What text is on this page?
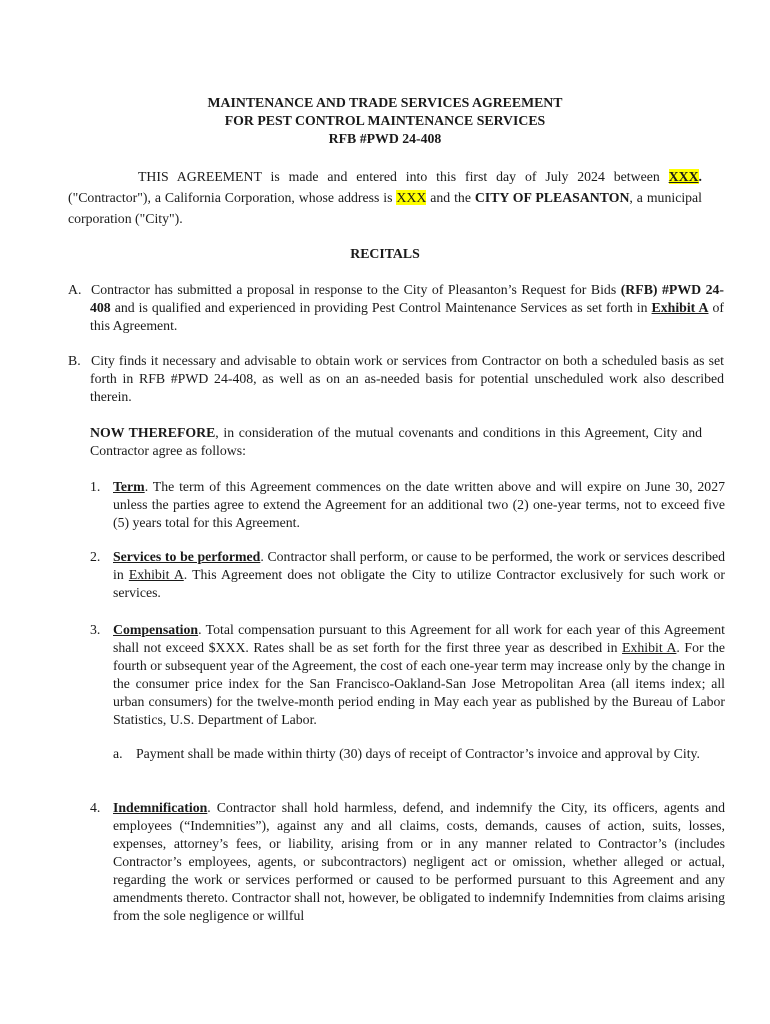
MAINTENANCE AND TRADE SERVICES AGREEMENT
FOR PEST CONTROL MAINTENANCE SERVICES
RFB #PWD 24-408
THIS AGREEMENT is made and entered into this first day of July 2024 between XXX. ("Contractor"), a California Corporation, whose address is XXX and the CITY OF PLEASANTON, a municipal corporation ("City").
RECITALS
A. Contractor has submitted a proposal in response to the City of Pleasanton’s Request for Bids (RFB) #PWD 24-408 and is qualified and experienced in providing Pest Control Maintenance Services as set forth in Exhibit A of this Agreement.
B. City finds it necessary and advisable to obtain work or services from Contractor on both a scheduled basis as set forth in RFB #PWD 24-408, as well as on an as-needed basis for potential unscheduled work also described therein.
NOW THEREFORE, in consideration of the mutual covenants and conditions in this Agreement, City and Contractor agree as follows:
1. Term. The term of this Agreement commences on the date written above and will expire on June 30, 2027 unless the parties agree to extend the Agreement for an additional two (2) one-year terms, not to exceed five (5) years total for this Agreement.
2. Services to be performed. Contractor shall perform, or cause to be performed, the work or services described in Exhibit A. This Agreement does not obligate the City to utilize Contractor exclusively for such work or services.
3. Compensation. Total compensation pursuant to this Agreement for all work for each year of this Agreement shall not exceed $XXX. Rates shall be as set forth for the first three year as described in Exhibit A. For the fourth or subsequent year of the Agreement, the cost of each one-year term may increase only by the change in the consumer price index for the San Francisco-Oakland-San Jose Metropolitan Area (all items index; all urban consumers) for the twelve-month period ending in May each year as published by the Bureau of Labor Statistics, U.S. Department of Labor.
a. Payment shall be made within thirty (30) days of receipt of Contractor’s invoice and approval by City.
4. Indemnification. Contractor shall hold harmless, defend, and indemnify the City, its officers, agents and employees (“Indemnities”), against any and all claims, costs, demands, causes of action, suits, losses, expenses, attorney’s fees, or liability, arising from or in any manner related to Contractor’s (includes Contractor’s employees, agents, or subcontractors) negligent act or omission, whether alleged or actual, regarding the work or services performed or caused to be performed pursuant to this Agreement and any amendments thereto. Contractor shall not, however, be obligated to indemnify Indemnities from claims arising from the sole negligence or willful
